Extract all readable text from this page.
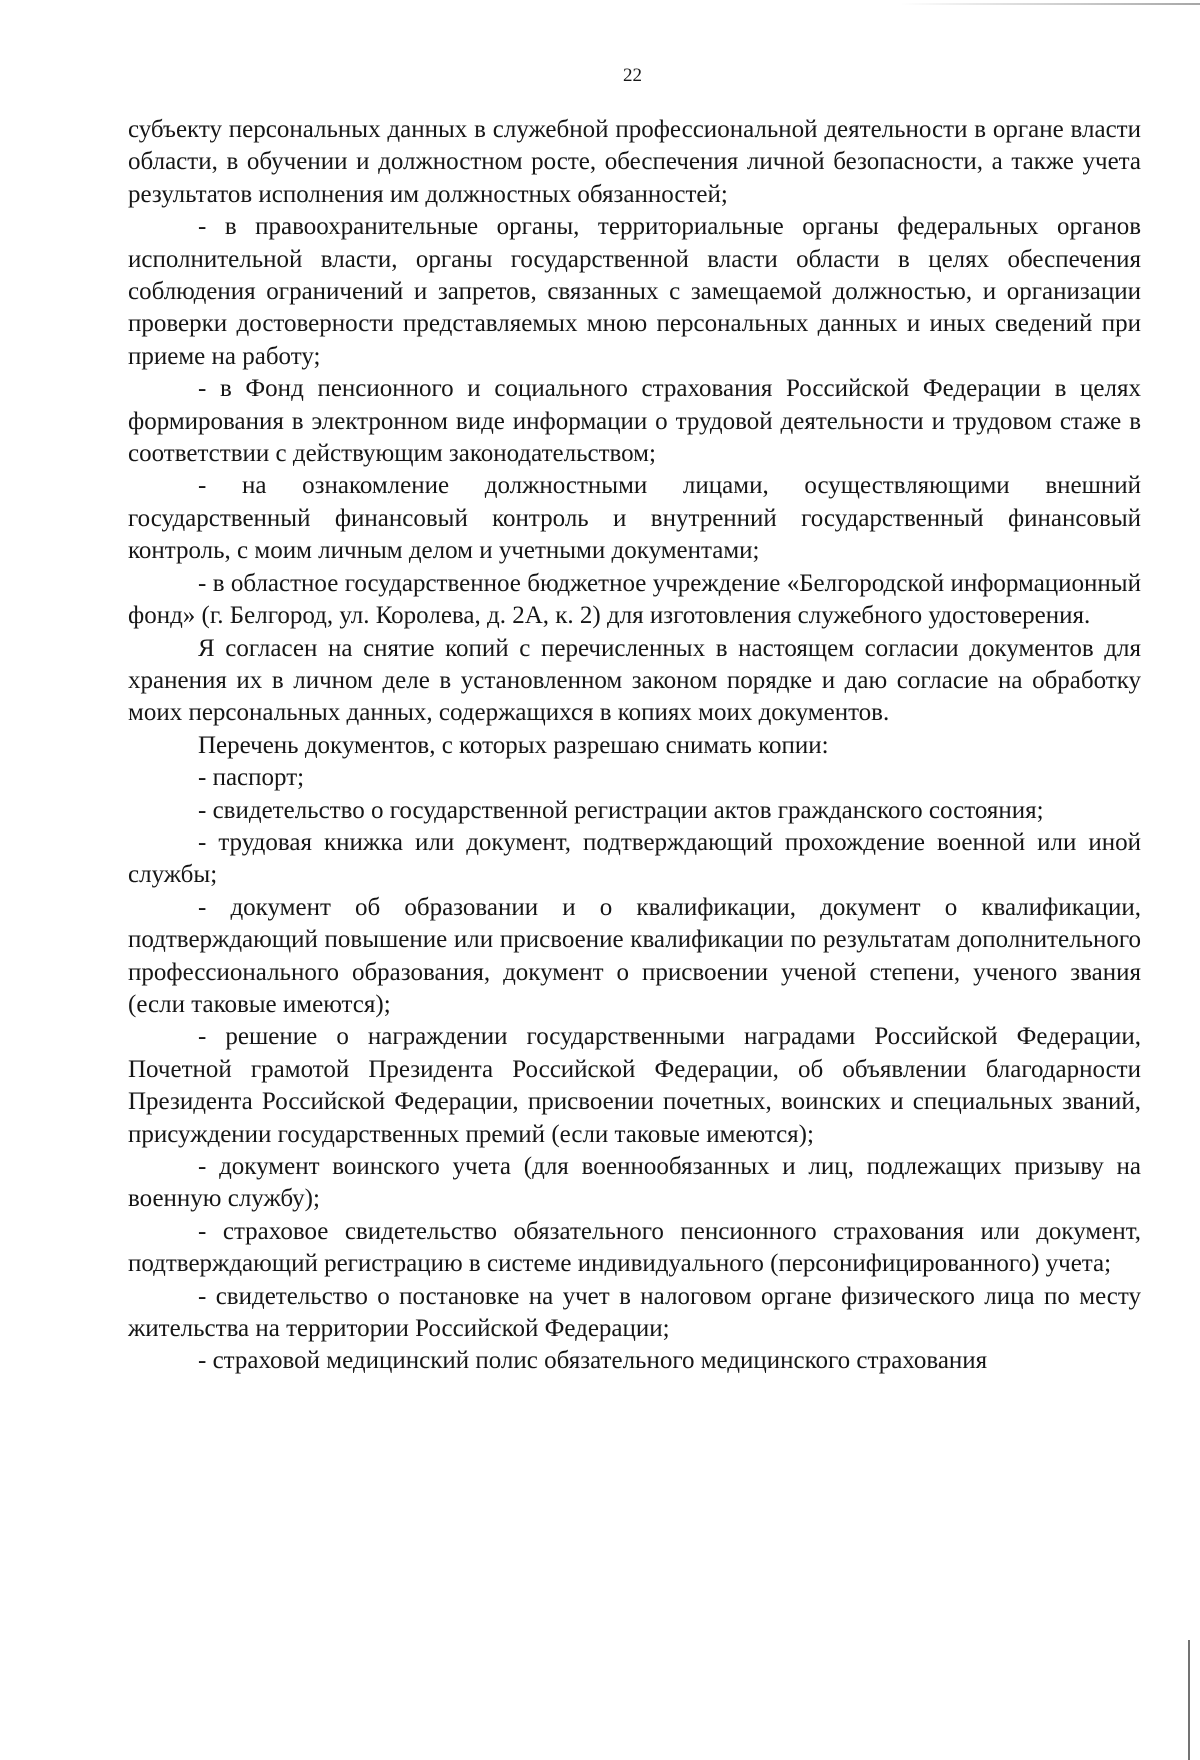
22

субъекту персональных данных в служебной профессиональной деятельности в органе власти области, в обучении и должностном росте, обеспечения личной безопасности, а также учета результатов исполнения им должностных обязанностей;

- в правоохранительные органы, территориальные органы федеральных органов исполнительной власти, органы государственной власти области в целях обеспечения соблюдения ограничений и запретов, связанных с замещаемой должностью, и организации проверки достоверности представляемых мною персональных данных и иных сведений при приеме на работу;

- в Фонд пенсионного и социального страхования Российской Федерации в целях формирования в электронном виде информации о трудовой деятельности и трудовом стаже в соответствии с действующим законодательством;

- на ознакомление должностными лицами, осуществляющими внешний государственный финансовый контроль и внутренний государственный финансовый контроль, с моим личным делом и учетными документами;

- в областное государственное бюджетное учреждение «Белгородской информационный фонд» (г. Белгород, ул. Королева, д. 2А, к. 2) для изготовления служебного удостоверения.

Я согласен на снятие копий с перечисленных в настоящем согласии документов для хранения их в личном деле в установленном законом порядке и даю согласие на обработку моих персональных данных, содержащихся в копиях моих документов.

Перечень документов, с которых разрешаю снимать копии:

- паспорт;

- свидетельство о государственной регистрации актов гражданского состояния;

- трудовая книжка или документ, подтверждающий прохождение военной или иной службы;

- документ об образовании и о квалификации, документ о квалификации, подтверждающий повышение или присвоение квалификации по результатам дополнительного профессионального образования, документ о присвоении ученой степени, ученого звания (если таковые имеются);

- решение о награждении государственными наградами Российской Федерации, Почетной грамотой Президента Российской Федерации, об объявлении благодарности Президента Российской Федерации, присвоении почетных, воинских и специальных званий, присуждении государственных премий (если таковые имеются);

- документ воинского учета (для военнообязанных и лиц, подлежащих призыву на военную службу);

- страховое свидетельство обязательного пенсионного страхования или документ, подтверждающий регистрацию в системе индивидуального (персонифицированного) учета;

- свидетельство о постановке на учет в налоговом органе физического лица по месту жительства на территории Российской Федерации;

- страховой медицинский полис обязательного медицинского страхования
